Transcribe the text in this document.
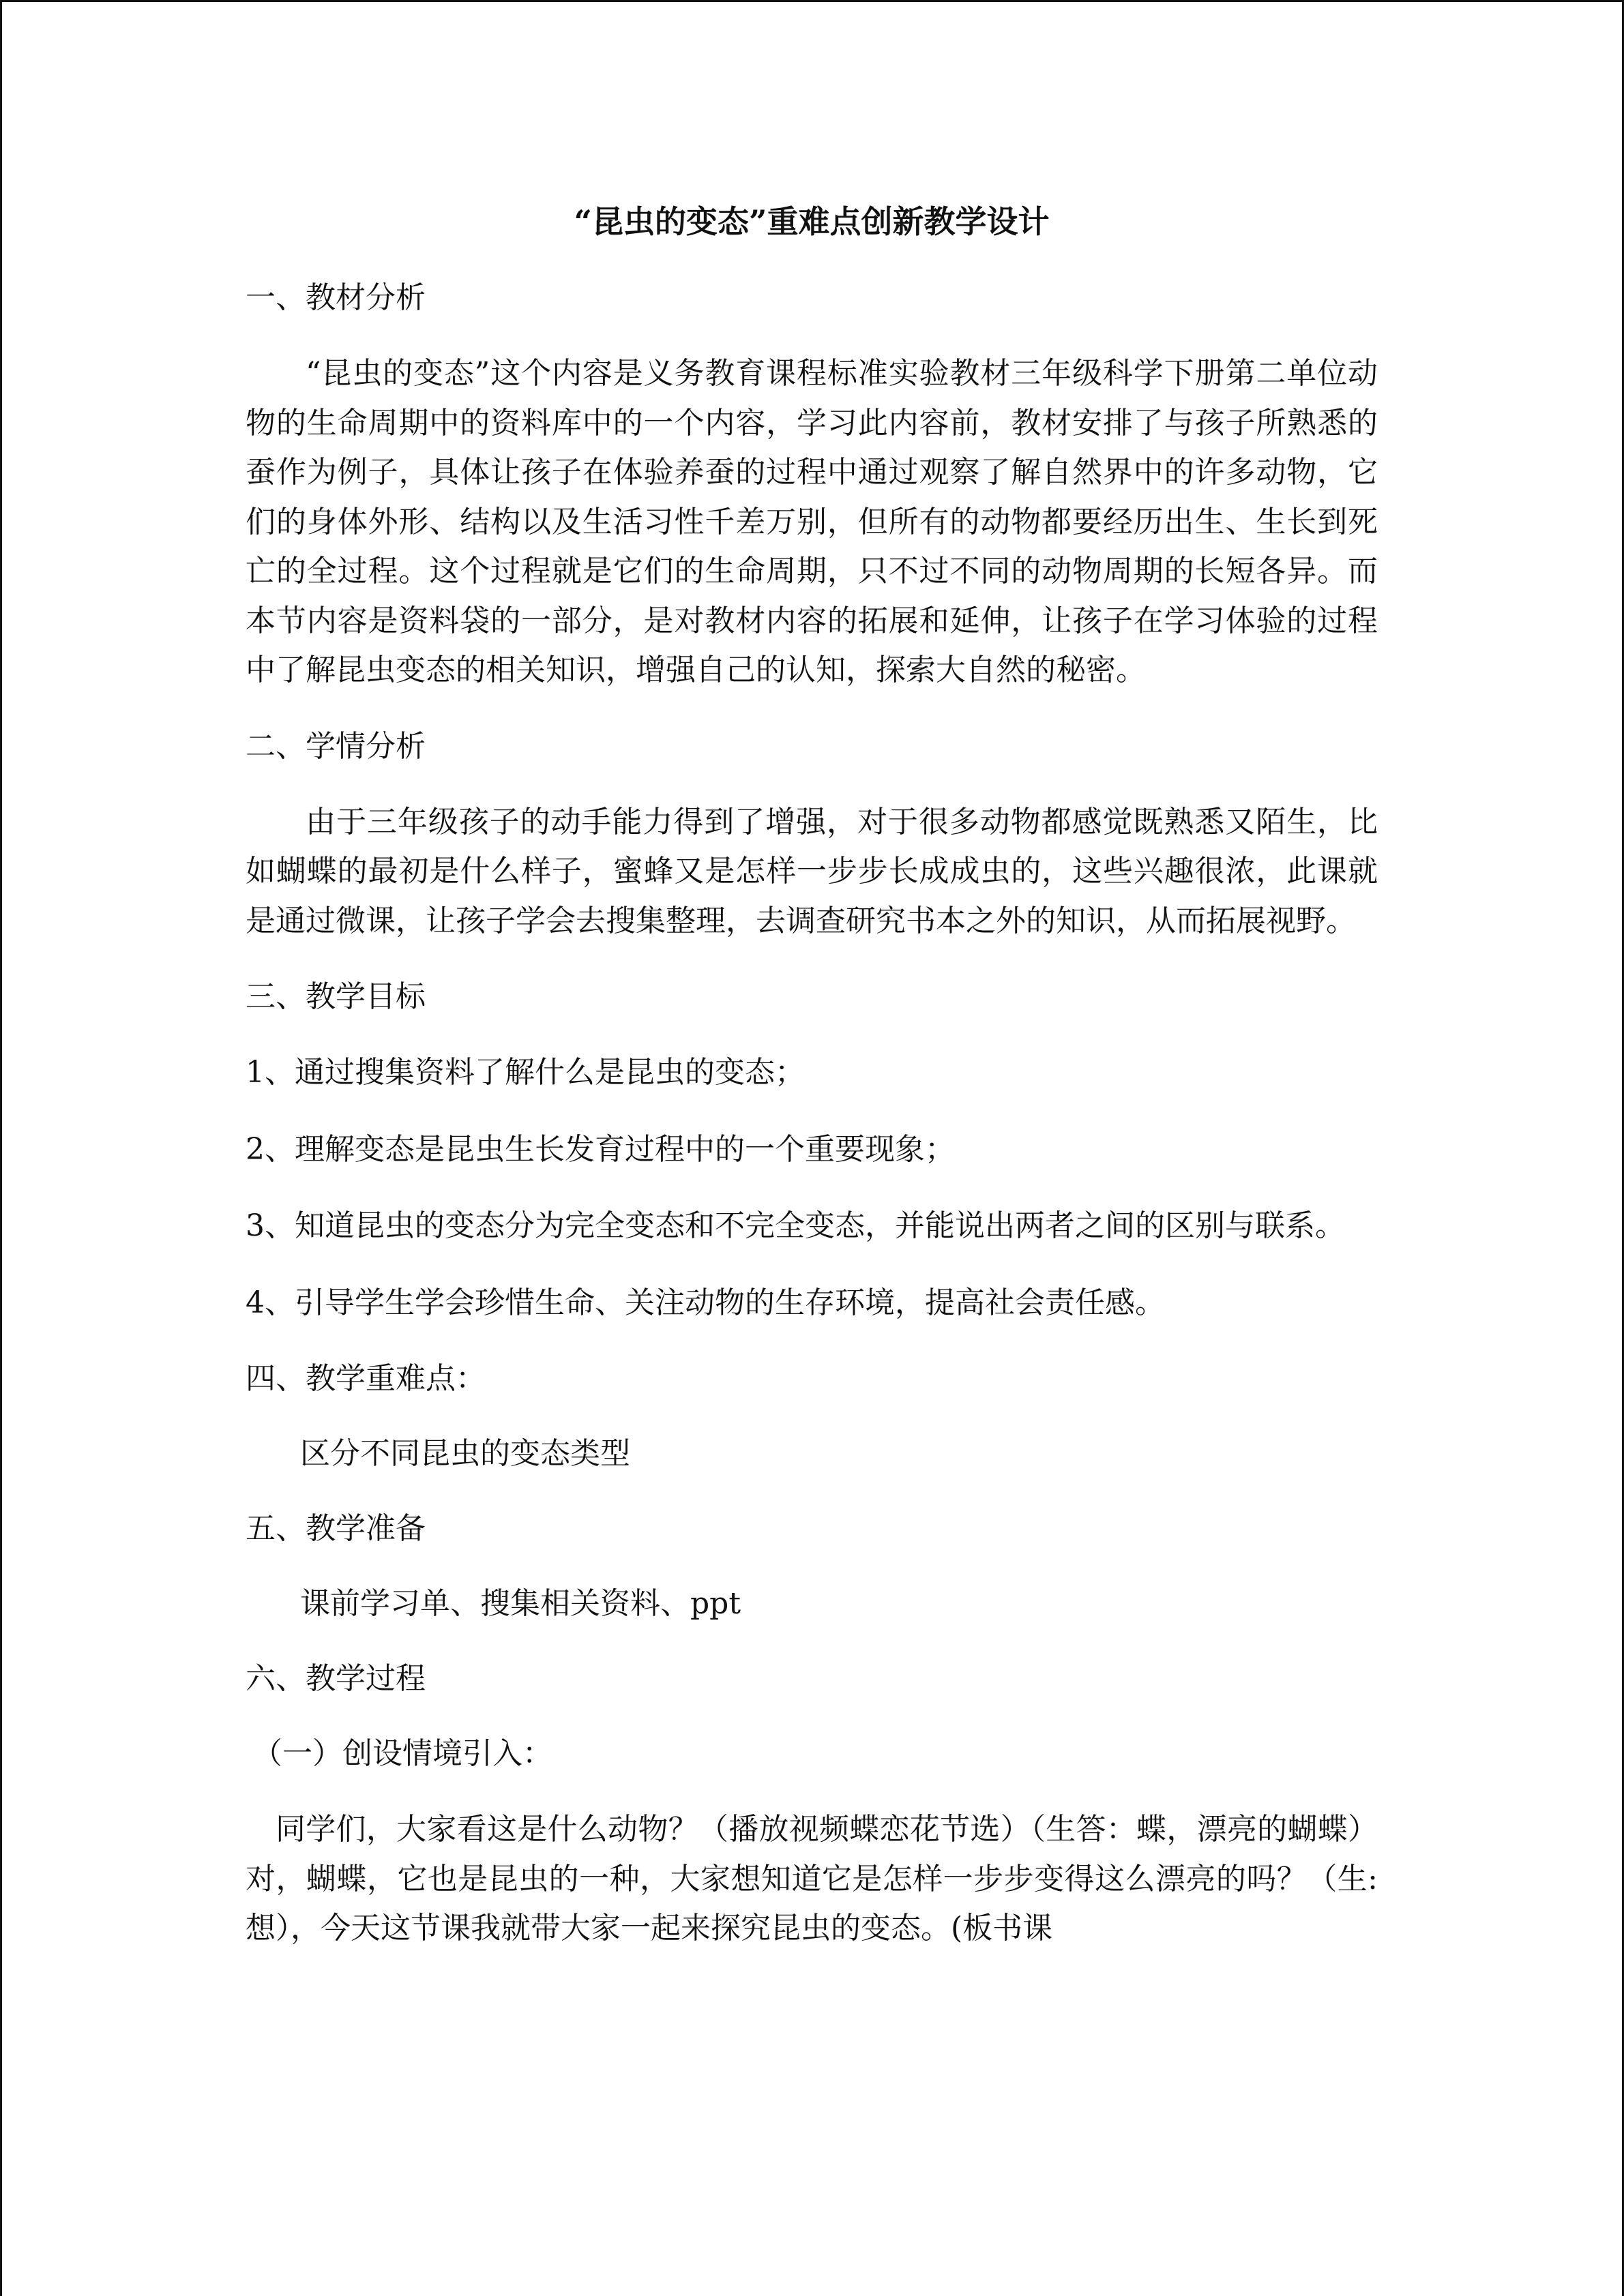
“昆虫的变态”重难点创新教学设计
一、教材分析

“昆虫的变态”这个内容是义务教育课程标准实验教材三年级科学下册第二单位动物的生命周期中的资料库中的一个内容，学习此内容前，教材安排了与孩子所熟悉的蚕作为例子，具体让孩子在体验养蚕的过程中通过观察了解自然界中的许多动物，它们的身体外形、结构以及生活习性千差万别，但所有的动物都要经历出生、生长到死亡的全过程。这个过程就是它们的生命周期，只不过不同的动物周期的长短各异。而本节内容是资料袋的一部分，是对教材内容的拓展和延伸，让孩子在学习体验的过程中了解昆虫变态的相关知识，增强自己的认知，探索大自然的秘密。

二、学情分析

由于三年级孩子的动手能力得到了增强，对于很多动物都感觉既熟悉又陌生，比如蝴蝶的最初是什么样子，蜜蜂又是怎样一步步长成成虫的，这些兴趣很浓，此课就是通过微课，让孩子学会去搜集整理，去调查研究书本之外的知识，从而拓展视野。

三、教学目标

1、通过搜集资料了解什么是昆虫的变态；

2、理解变态是昆虫生长发育过程中的一个重要现象；

3、知道昆虫的变态分为完全变态和不完全变态，并能说出两者之间的区别与联系。

4、引导学生学会珍惜生命、关注动物的生存环境，提高社会责任感。

四、教学重难点：
区分不同昆虫的变态类型
五、教学准备
课前学习单、搜集相关资料、ppt
六、教学过程
（一）创设情境引入：

同学们，大家看这是什么动物？（播放视频蝶恋花节选）（生答：蝶，漂亮的蝴蝶）对，蝴蝶，它也是昆虫的一种，大家想知道它是怎样一步步变得这么漂亮的吗？（生:想），今天这节课我就带大家一起来探究昆虫的变态。(板书课
